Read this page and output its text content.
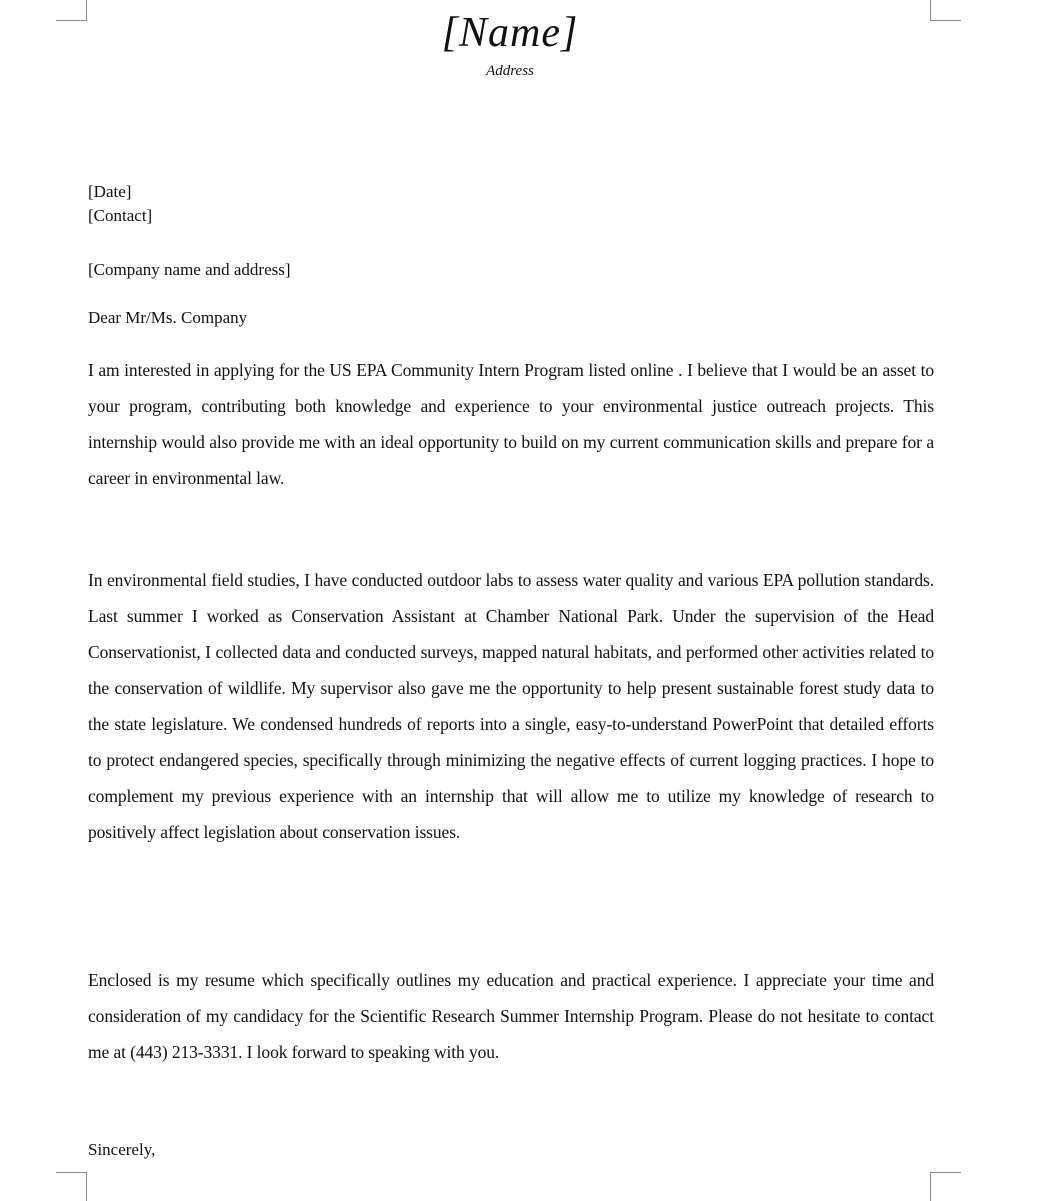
[Name]
Address
[Date]
[Contact]
[Company name and address]
Dear Mr/Ms. Company
I am interested in applying for the US EPA Community Intern Program listed online . I believe that I would be an asset to your program, contributing both knowledge and experience to your environmental justice outreach projects. This internship would also provide me with an ideal opportunity to build on my current communication skills and prepare for a career in environmental law.
In environmental field studies, I have conducted outdoor labs to assess water quality and various EPA pollution standards. Last summer I worked as Conservation Assistant at Chamber National Park. Under the supervision of the Head Conservationist, I collected data and conducted surveys, mapped natural habitats, and performed other activities related to the conservation of wildlife. My supervisor also gave me the opportunity to help present sustainable forest study data to the state legislature. We condensed hundreds of reports into a single, easy-to-understand PowerPoint that detailed efforts to protect endangered species, specifically through minimizing the negative effects of current logging practices. I hope to complement my previous experience with an internship that will allow me to utilize my knowledge of research to positively affect legislation about conservation issues.
Enclosed is my resume which specifically outlines my education and practical experience. I appreciate your time and consideration of my candidacy for the Scientific Research Summer Internship Program. Please do not hesitate to contact me at (443) 213-3331. I look forward to speaking with you.
Sincerely,
